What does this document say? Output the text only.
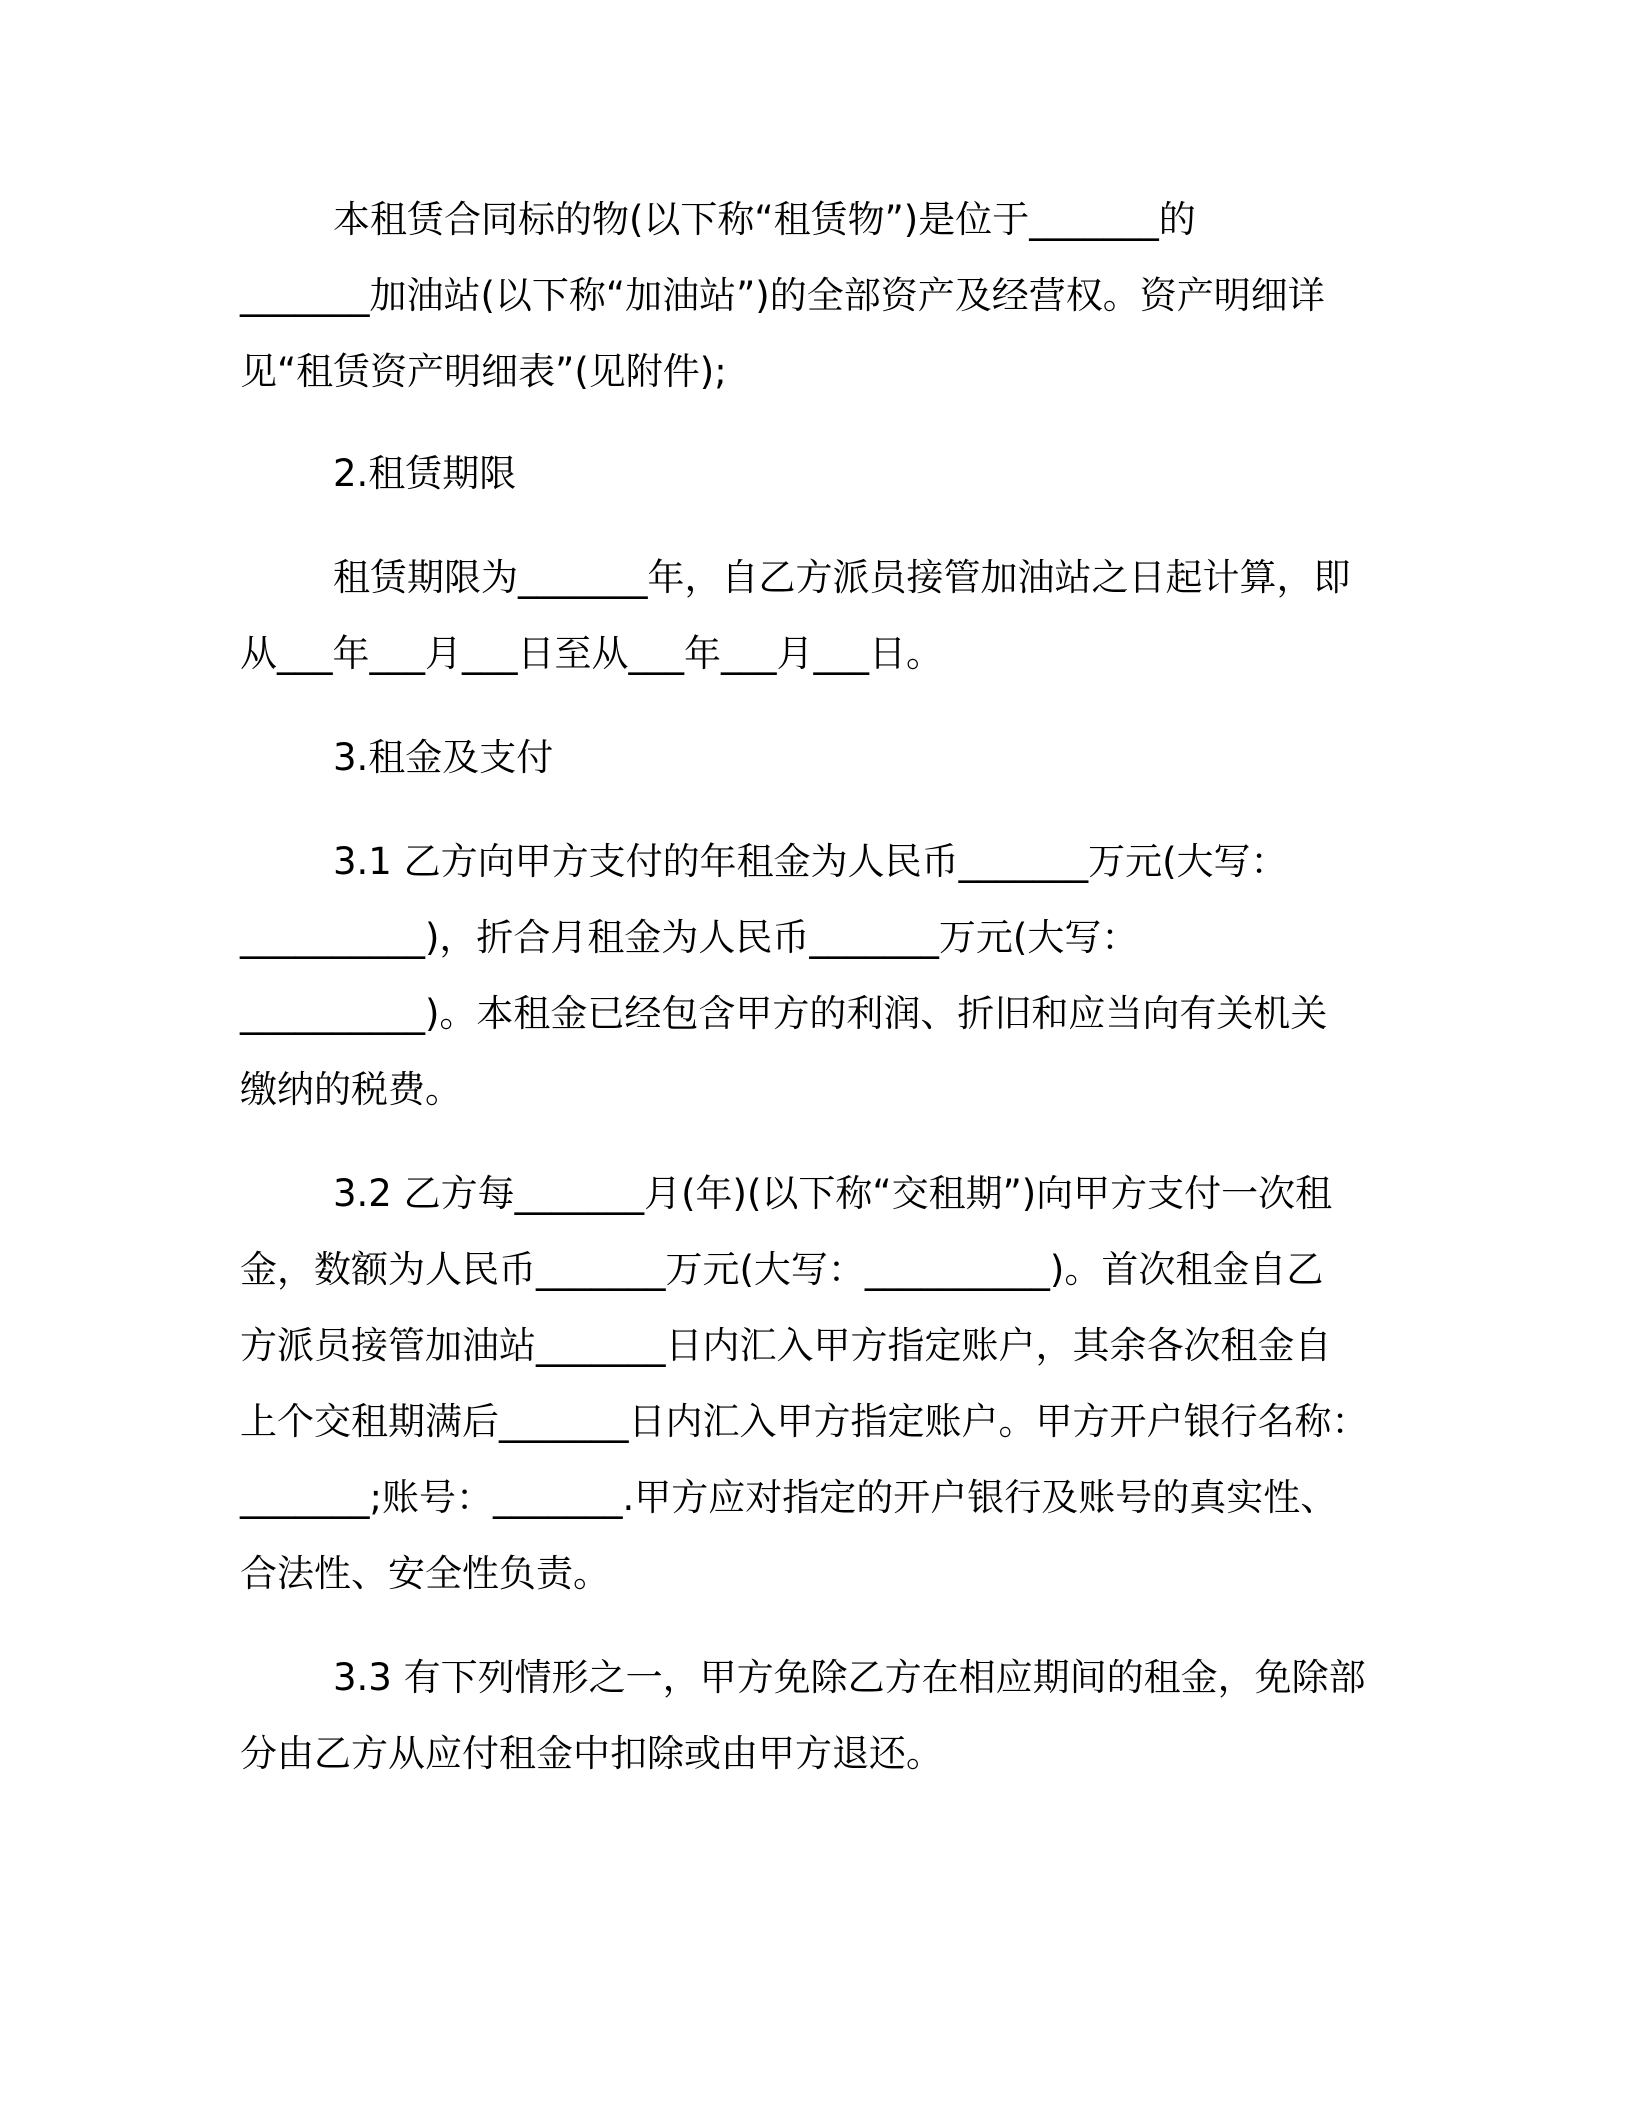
本租赁合同标的物(以下称“租赁物”)是位于_______的
_______加油站(以下称“加油站”)的全部资产及经营权。资产明细详
见“租赁资产明细表”(见附件);
2.租赁期限
租赁期限为_______年，自乙方派员接管加油站之日起计算，即
从___年___月___日至从___年___月___日。
3.租金及支付
3.1 乙方向甲方支付的年租金为人民币_______万元(大写：
__________)，折合月租金为人民币_______万元(大写：
__________)。本租金已经包含甲方的利润、折旧和应当向有关机关
缴纳的税费。
3.2 乙方每_______月(年)(以下称“交租期”)向甲方支付一次租
金，数额为人民币_______万元(大写：__________)。首次租金自乙
方派员接管加油站_______日内汇入甲方指定账户，其余各次租金自
上个交租期满后_______日内汇入甲方指定账户。甲方开户银行名称：
_______;账号：_______.甲方应对指定的开户银行及账号的真实性、
合法性、安全性负责。
3.3 有下列情形之一，甲方免除乙方在相应期间的租金，免除部
分由乙方从应付租金中扣除或由甲方退还。
